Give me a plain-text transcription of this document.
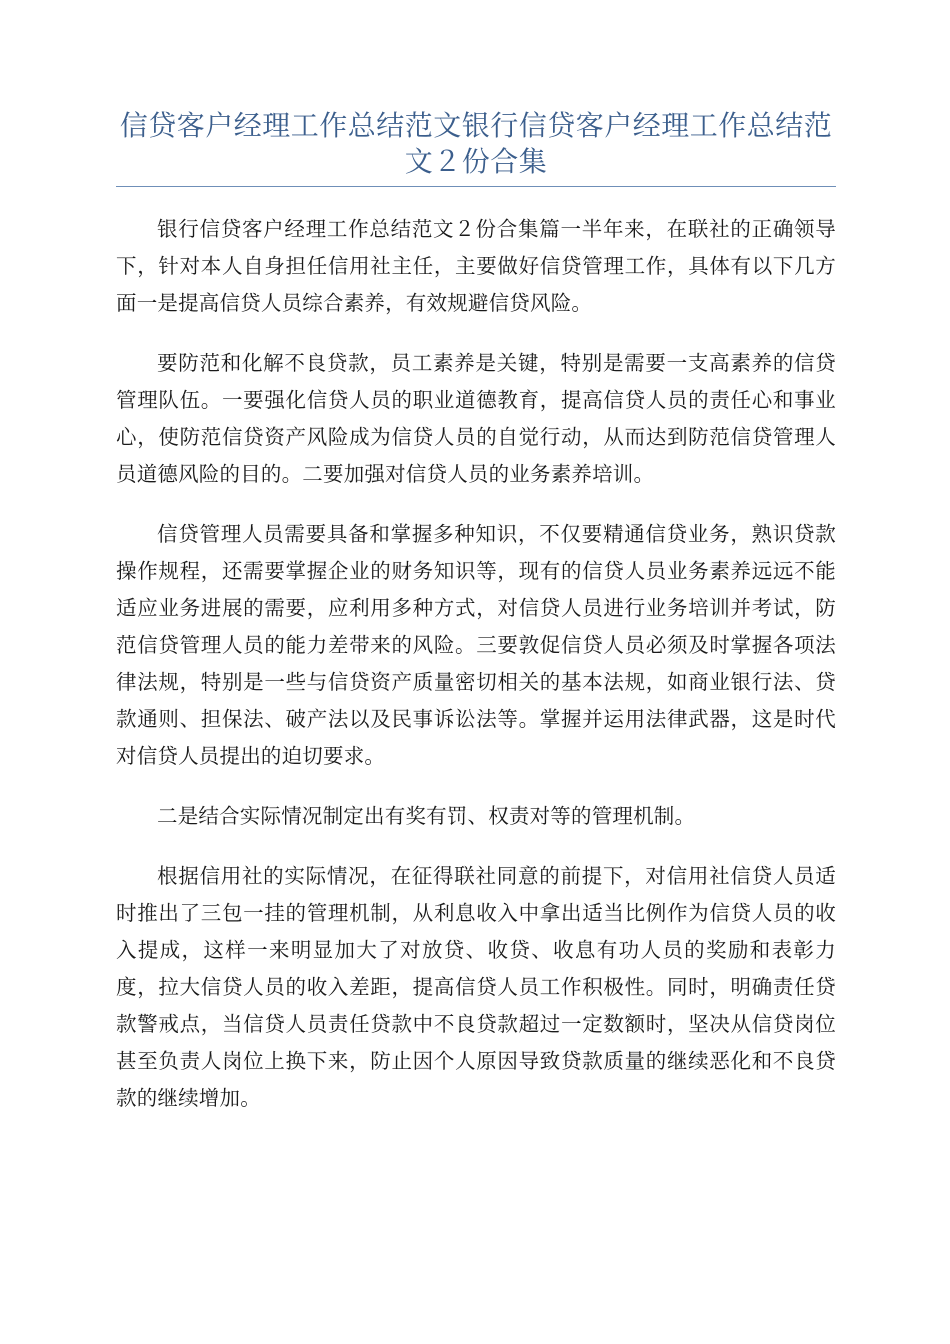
信贷客户经理工作总结范文银行信贷客户经理工作总结范文２份合集

银行信贷客户经理工作总结范文２份合集篇一半年来，在联社的正确领导下，针对本人自身担任信用社主任，主要做好信贷管理工作，具体有以下几方面一是提高信贷人员综合素养，有效规避信贷风险。

要防范和化解不良贷款，员工素养是关键，特别是需要一支高素养的信贷管理队伍。一要强化信贷人员的职业道德教育，提高信贷人员的责任心和事业心，使防范信贷资产风险成为信贷人员的自觉行动，从而达到防范信贷管理人员道德风险的目的。二要加强对信贷人员的业务素养培训。

信贷管理人员需要具备和掌握多种知识，不仅要精通信贷业务，熟识贷款操作规程，还需要掌握企业的财务知识等，现有的信贷人员业务素养远远不能适应业务进展的需要，应利用多种方式，对信贷人员进行业务培训并考试，防范信贷管理人员的能力差带来的风险。三要敦促信贷人员必须及时掌握各项法律法规，特别是一些与信贷资产质量密切相关的基本法规，如商业银行法、贷款通则、担保法、破产法以及民事诉讼法等。掌握并运用法律武器，这是时代对信贷人员提出的迫切要求。

二是结合实际情况制定出有奖有罚、权责对等的管理机制。

根据信用社的实际情况，在征得联社同意的前提下，对信用社信贷人员适时推出了三包一挂的管理机制，从利息收入中拿出适当比例作为信贷人员的收入提成，这样一来明显加大了对放贷、收贷、收息有功人员的奖励和表彰力度，拉大信贷人员的收入差距，提高信贷人员工作积极性。同时，明确责任贷款警戒点，当信贷人员责任贷款中不良贷款超过一定数额时，坚决从信贷岗位甚至负责人岗位上换下来，防止因个人原因导致贷款质量的继续恶化和不良贷款的继续增加。
